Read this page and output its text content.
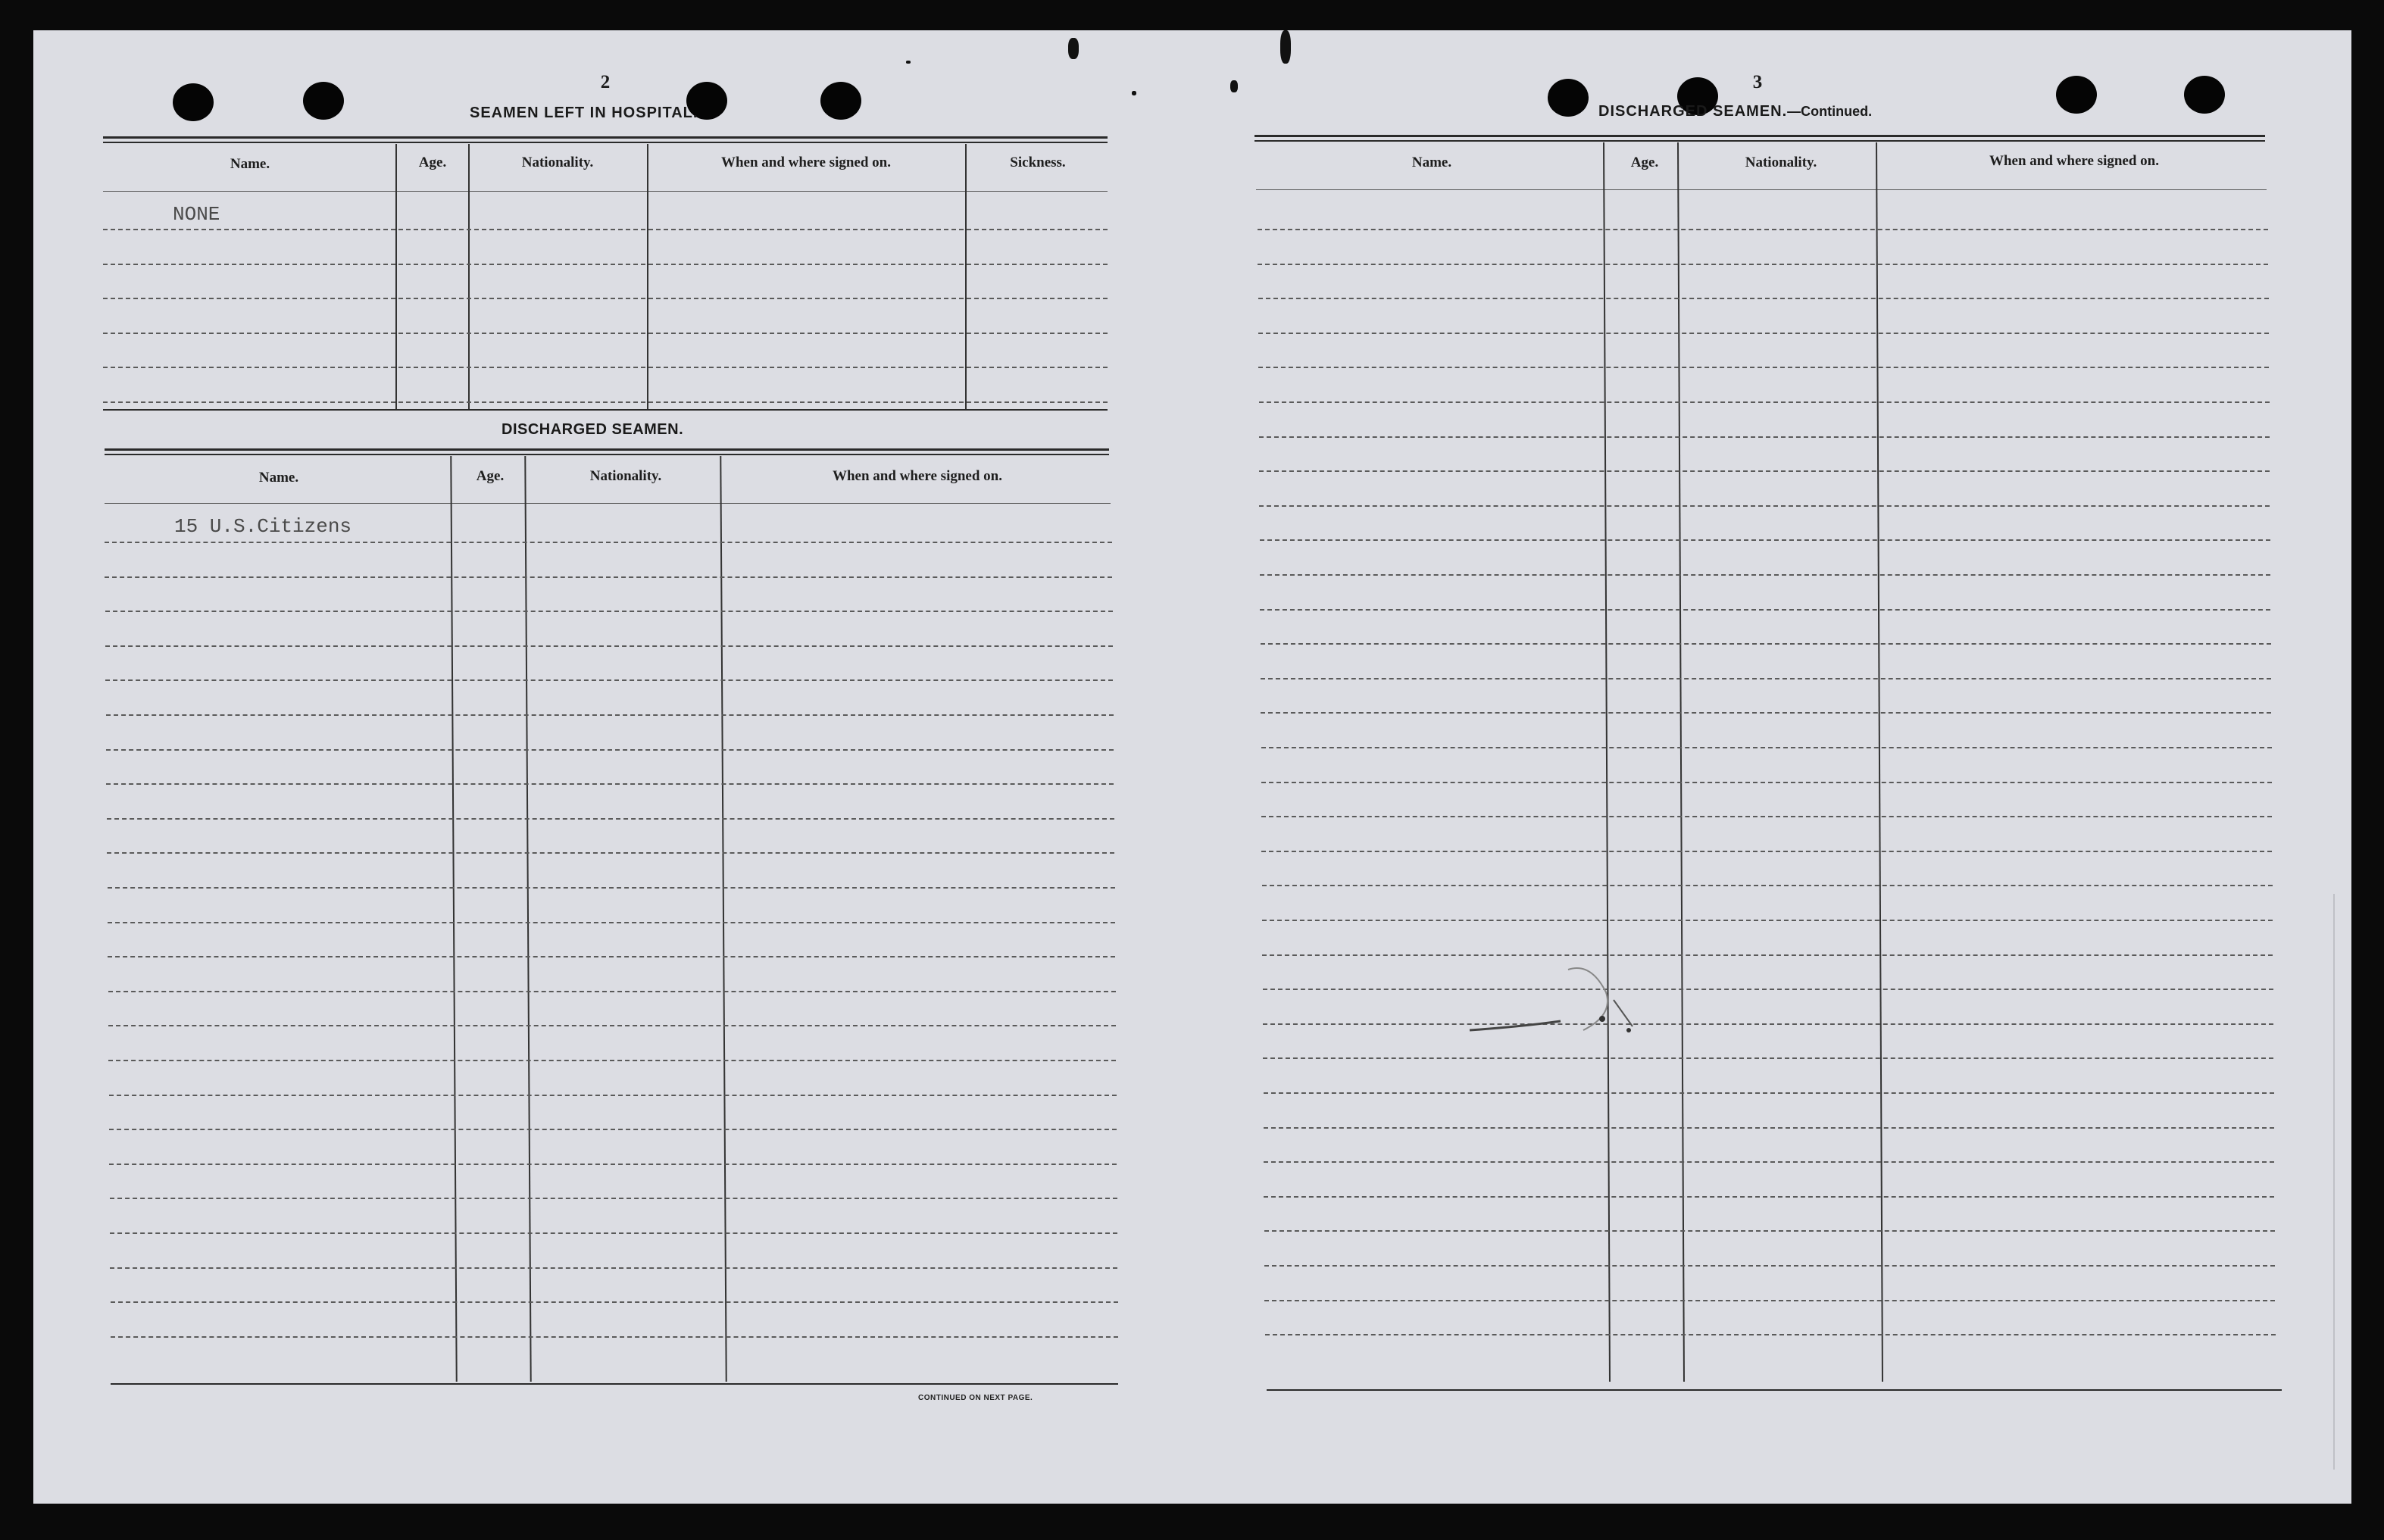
2
SEAMEN LEFT IN HOSPITAL.
Name.	Age.	Nationality.	When and where signed on.	Sickness.
NONE
DISCHARGED SEAMEN.
Name.	Age.	Nationality.	When and where signed on.
15 U.S.Citizens
CONTINUED ON NEXT PAGE.
3
DISCHARGED SEAMEN.—Continued.
Name.	Age.	Nationality.	When and where signed on.
